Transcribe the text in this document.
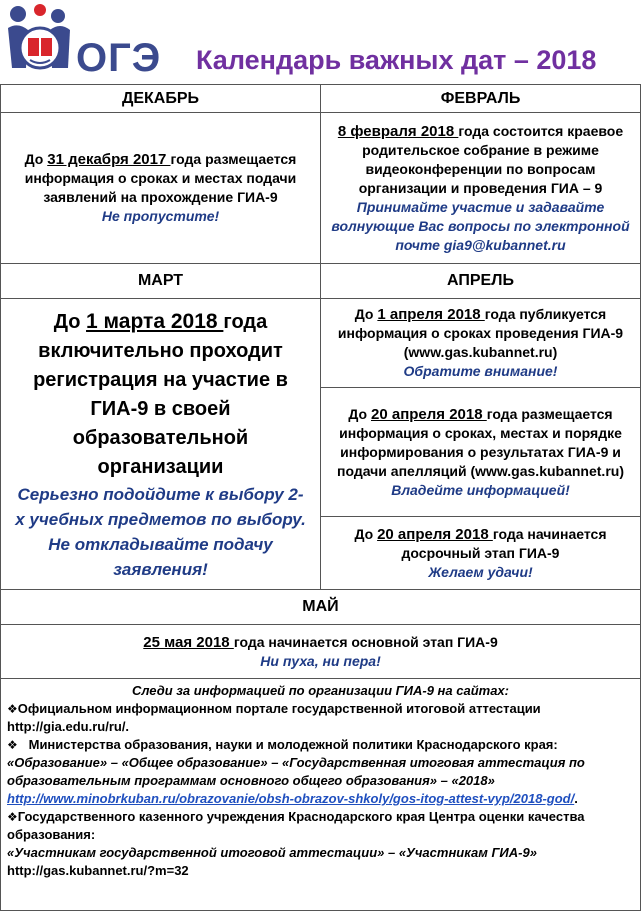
ОГЭ Календарь важных дат – 2018
ДЕКАБРЬ	ФЕВРАЛЬ
До 31 декабря 2017 года размещается информация о сроках и местах подачи заявлений на прохождение ГИА-9
Не пропустите!
8 февраля 2018 года состоится краевое родительское собрание в режиме видеоконференции по вопросам организации и проведения ГИА – 9
Принимайте участие и задавайте волнующие Вас вопросы по электронной почте gia9@kubannet.ru
МАРТ	АПРЕЛЬ
До 1 марта 2018 года включительно проходит регистрация на участие в ГИА-9 в своей образовательной организации
Серьезно подойдите к выбору 2-х учебных предметов по выбору. Не откладывайте подачу заявления!
До 1 апреля 2018 года публикуется информация о сроках проведения ГИА-9 (www.gas.kubannet.ru)
Обратите внимание!
До 20 апреля 2018 года размещается информация о сроках, местах и порядке информирования о результатах ГИА-9 и подачи апелляций (www.gas.kubannet.ru)
Владейте информацией!
До 20 апреля 2018 года начинается досрочный этап ГИА-9
Желаем удачи!
МАЙ
25 мая 2018 года начинается основной этап ГИА-9
Ни пуха, ни пера!

Следи за информацией по организации ГИА-9 на сайтах:

❖Официальном информационном портале государственной итоговой аттестации http://gia.edu.ru/ru/.

❖ Министерства образования, науки и молодежной политики Краснодарского края:

«Образование» – «Общее образование» – «Государственная итоговая аттестация по образовательным программам основного общего образования» – «2018»

http://www.minobrkuban.ru/obrazovanie/obsh-obrazov-shkoly/gos-itog-attest-vyp/2018-god/.

❖Государственного казенного учреждения Краснодарского края Центра оценки качества образования:

«Участникам государственной итоговой аттестации» – «Участникам ГИА-9»

http://gas.kubannet.ru/?m=32
